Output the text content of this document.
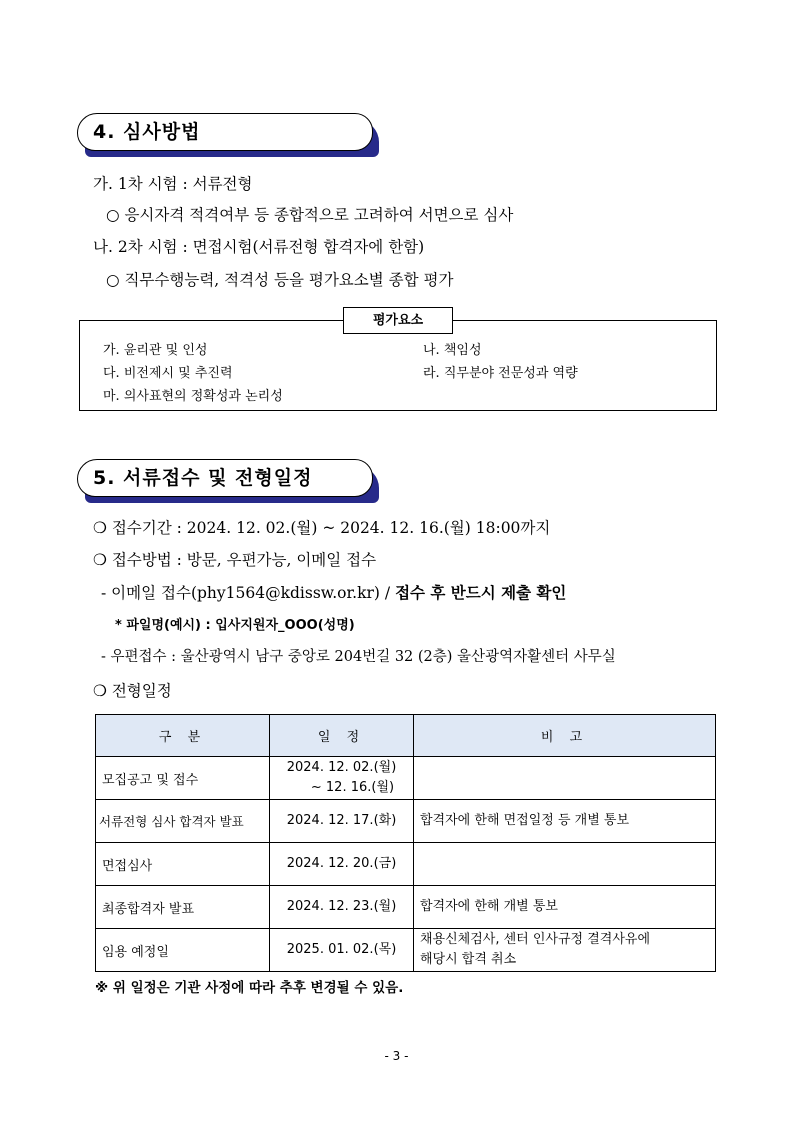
4. 심사방법
가. 1차 시험 : 서류전형
○ 응시자격 적격여부 등 종합적으로 고려하여 서면으로 심사
나. 2차 시험 : 면접시험(서류전형 합격자에 한함)
○ 직무수행능력, 적격성 등을 평가요소별 종합 평가
평가요소
가. 윤리관 및 인성	나. 책임성
다. 비전제시 및 추진력	라. 직무분야 전문성과 역량
마. 의사표현의 정확성과 논리성
5. 서류접수 및 전형일정
❍ 접수기간 : 2024. 12. 02.(월) ~ 2024. 12. 16.(월) 18:00까지
❍ 접수방법 : 방문, 우편가능, 이메일 접수
- 이메일 접수(phy1564@kdissw.or.kr) / 접수 후 반드시 제출 확인
* 파일명(예시) : 입사지원자_OOO(성명)
- 우편접수 : 울산광역시 남구 중앙로 204번길 32 (2층) 울산광역자활센터 사무실
❍ 전형일정
구 분	일 정	비 고
모집공고 및 접수	2024. 12. 02.(월)
~ 12. 16.(월)	

서류전형 심사 합격자 발표	2024. 12. 17.(화)	합격자에 한해 면접일정 등 개별 통보

면접심사	2024. 12. 20.(금)	

최종합격자 발표	2024. 12. 23.(월)	합격자에 한해 개별 통보

임용 예정일	2025. 01. 02.(목)	채용신체검사, 센터 인사규정 결격사유에
해당시 합격 취소
※ 위 일정은 기관 사정에 따라 추후 변경될 수 있음.
- 3 -
